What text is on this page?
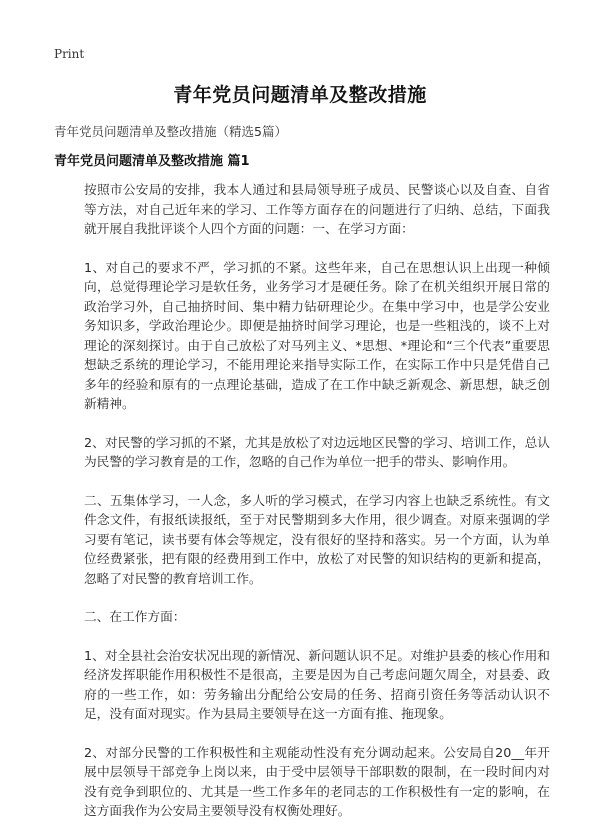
Print
青年党员问题清单及整改措施
青年党员问题清单及整改措施（精选5篇）
青年党员问题清单及整改措施 篇1

按照市公安局的安排，我本人通过和县局领导班子成员、民警谈心以及自查、自省等方法，对自己近年来的学习、工作等方面存在的问题进行了归纳、总结，下面我就开展自我批评谈个人四个方面的问题：一、在学习方面：

1、对自己的要求不严，学习抓的不紧。这些年来，自己在思想认识上出现一种倾向，总觉得理论学习是软任务，业务学习才是硬任务。除了在机关组织开展日常的政治学习外，自己抽挤时间、集中精力钻研理论少。在集中学习中，也是学公安业务知识多，学政治理论少。即便是抽挤时间学习理论，也是一些粗浅的，谈不上对理论的深刻探讨。由于自己放松了对马列主义、*思想、*理论和“三个代表”重要思想缺乏系统的理论学习，不能用理论来指导实际工作，在实际工作中只是凭借自己多年的经验和原有的一点理论基础，造成了在工作中缺乏新观念、新思想，缺乏创新精神。

2、对民警的学习抓的不紧，尤其是放松了对边远地区民警的学习、培训工作，总认为民警的学习教育是的工作，忽略的自己作为单位一把手的带头、影响作用。

二、五集体学习，一人念，多人听的学习模式，在学习内容上也缺乏系统性。有文件念文件，有报纸读报纸，至于对民警期到多大作用，很少调查。对原来强调的学习要有笔记，读书要有体会等规定，没有很好的坚持和落实。另一个方面，认为单位经费紧张，把有限的经费用到工作中，放松了对民警的知识结构的更新和提高，忽略了对民警的教育培训工作。

二、在工作方面：

1、对全县社会治安状况出现的新情况、新问题认识不足。对维护县委的核心作用和经济发挥职能作用积极性不是很高，主要是因为自己考虑问题欠周全，对县委、政府的一些工作，如：劳务输出分配给公安局的任务、招商引资任务等活动认识不足，没有面对现实。作为县局主要领导在这一方面有推、拖现象。

2、对部分民警的工作积极性和主观能动性没有充分调动起来。公安局自20__年开展中层领导干部竞争上岗以来，由于受中层领导干部职数的限制，在一段时间内对没有竞争到职位的、尤其是一些工作多年的老同志的工作积极性有一定的影响，在这方面我作为公安局主要领导没有权衡处理好。
